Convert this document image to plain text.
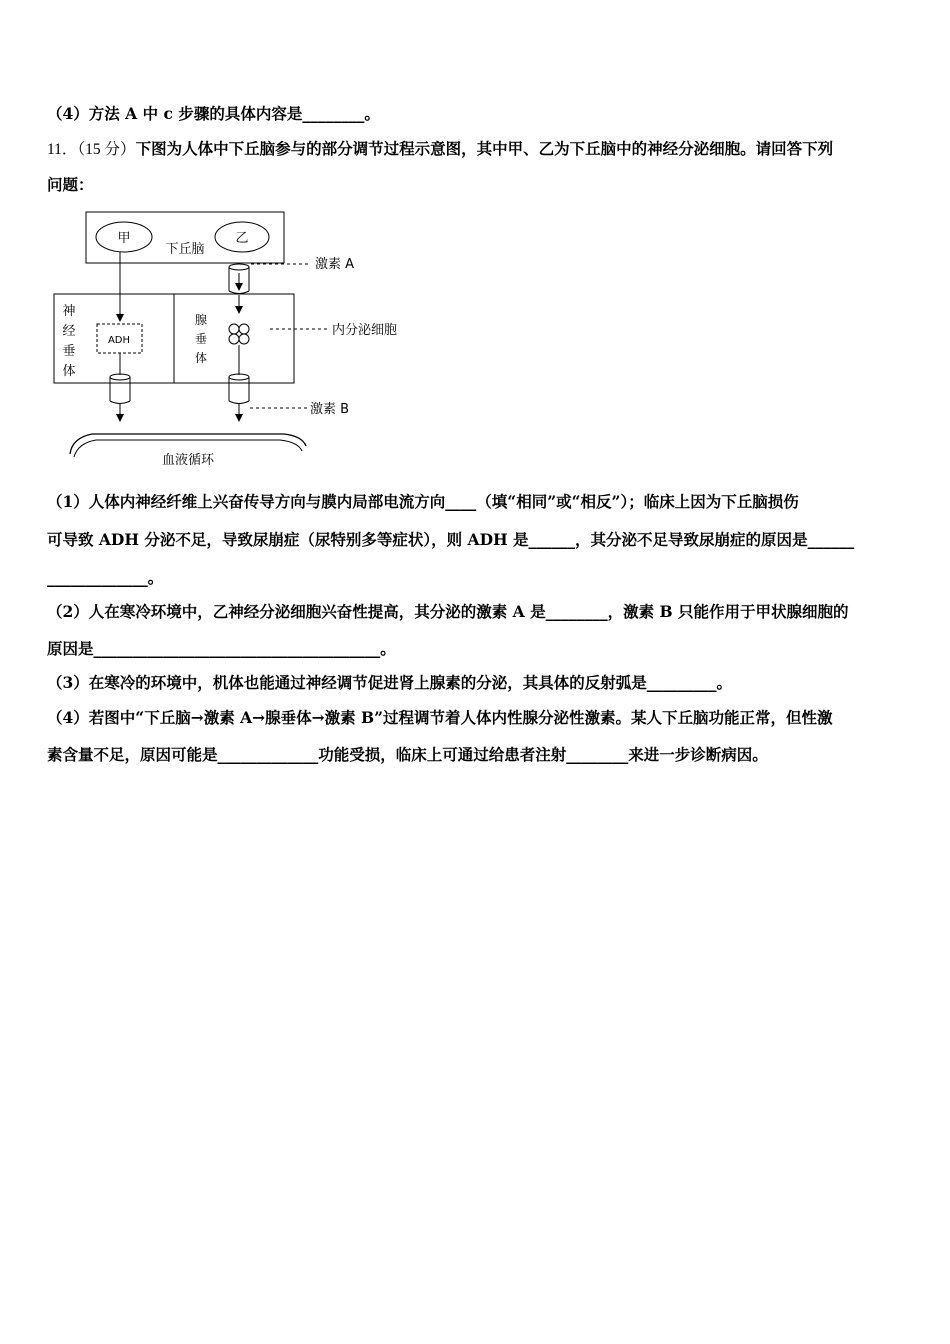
（4）方法 A 中 c 步骤的具体内容是________。
11．（15 分）下图为人体中下丘脑参与的部分调节过程示意图，其中甲、乙为下丘脑中的神经分泌细胞。请回答下列
问题：
甲	乙
下丘脑
神
经
垂
体
腺
垂
体
ADH
激素 A
内分泌细胞
激素 B
血液循环
（1）人体内神经纤维上兴奋传导方向与膜内局部电流方向____（填“相同”或“相反”）；临床上因为下丘脑损伤
可导致 ADH 分泌不足，导致尿崩症（尿特别多等症状），则 ADH 是______，其分泌不足导致尿崩症的原因是______
_____________。
（2）人在寒冷环境中，乙神经分泌细胞兴奋性提高，其分泌的激素 A 是________，激素 B 只能作用于甲状腺细胞的
原因是_____________________________________。
（3）在寒冷的环境中，机体也能通过神经调节促进肾上腺素的分泌，其具体的反射弧是_________。
（4）若图中“下丘脑→激素 A→腺垂体→激素 B”过程调节着人体内性腺分泌性激素。某人下丘脑功能正常，但性激
素含量不足，原因可能是_____________功能受损，临床上可通过给患者注射________来进一步诊断病因。
